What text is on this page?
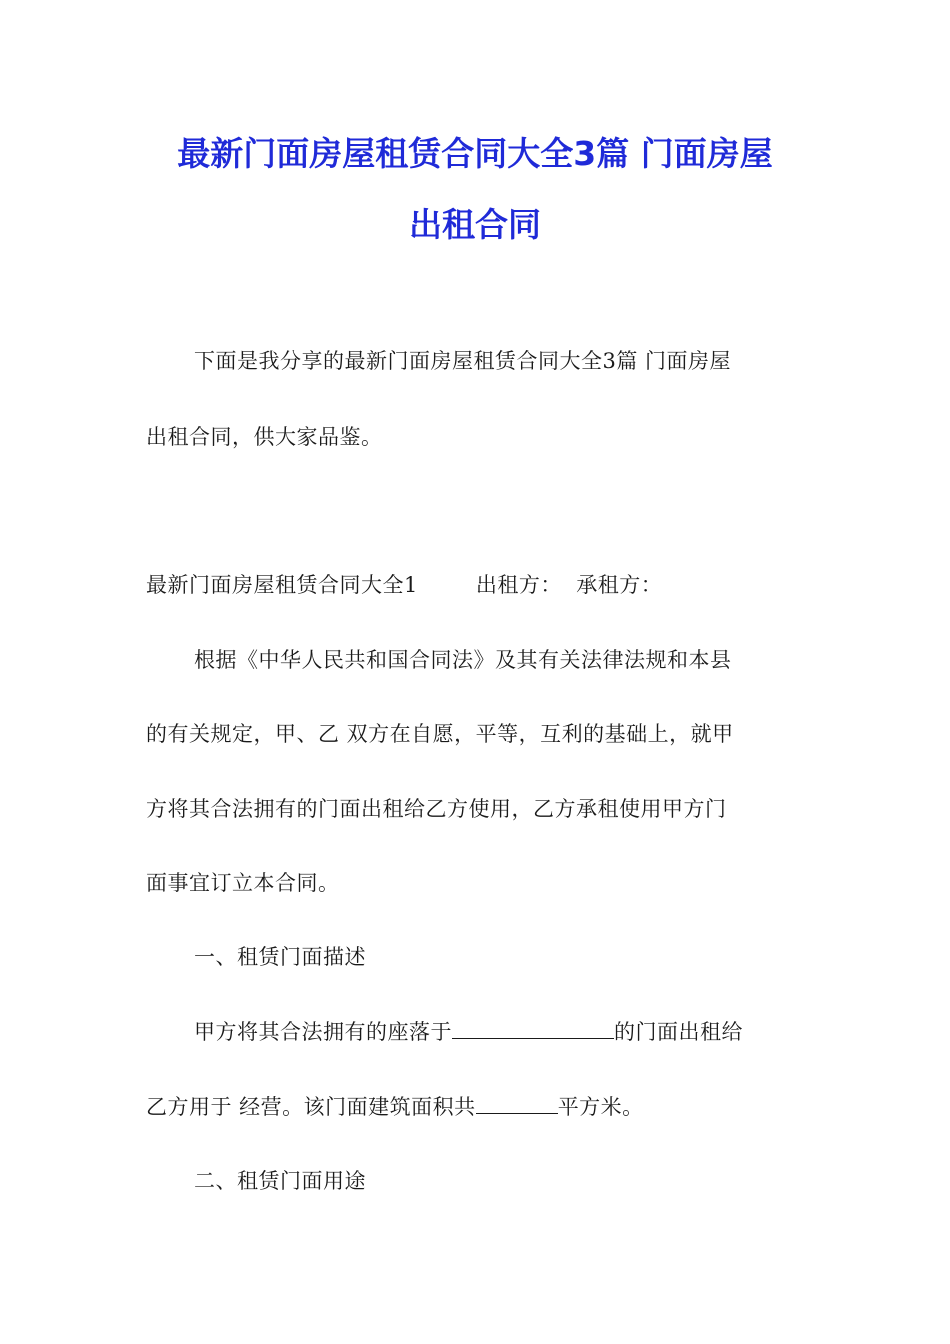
最新门面房屋租赁合同大全3篇 门面房屋
出租合同
下面是我分享的最新门面房屋租赁合同大全3篇 门面房屋
出租合同，供大家品鉴。
最新门面房屋租赁合同大全1	出租方： 承租方：
根据《中华人民共和国合同法》及其有关法律法规和本县
的有关规定，甲、乙 双方在自愿，平等，互利的基础上，就甲
方将其合法拥有的门面出租给乙方使用，乙方承租使用甲方门
面事宜订立本合同。
一、租赁门面描述
甲方将其合法拥有的座落于	的门面出租给
乙方用于 经营。该门面建筑面积共	平方米。
二、租赁门面用途
